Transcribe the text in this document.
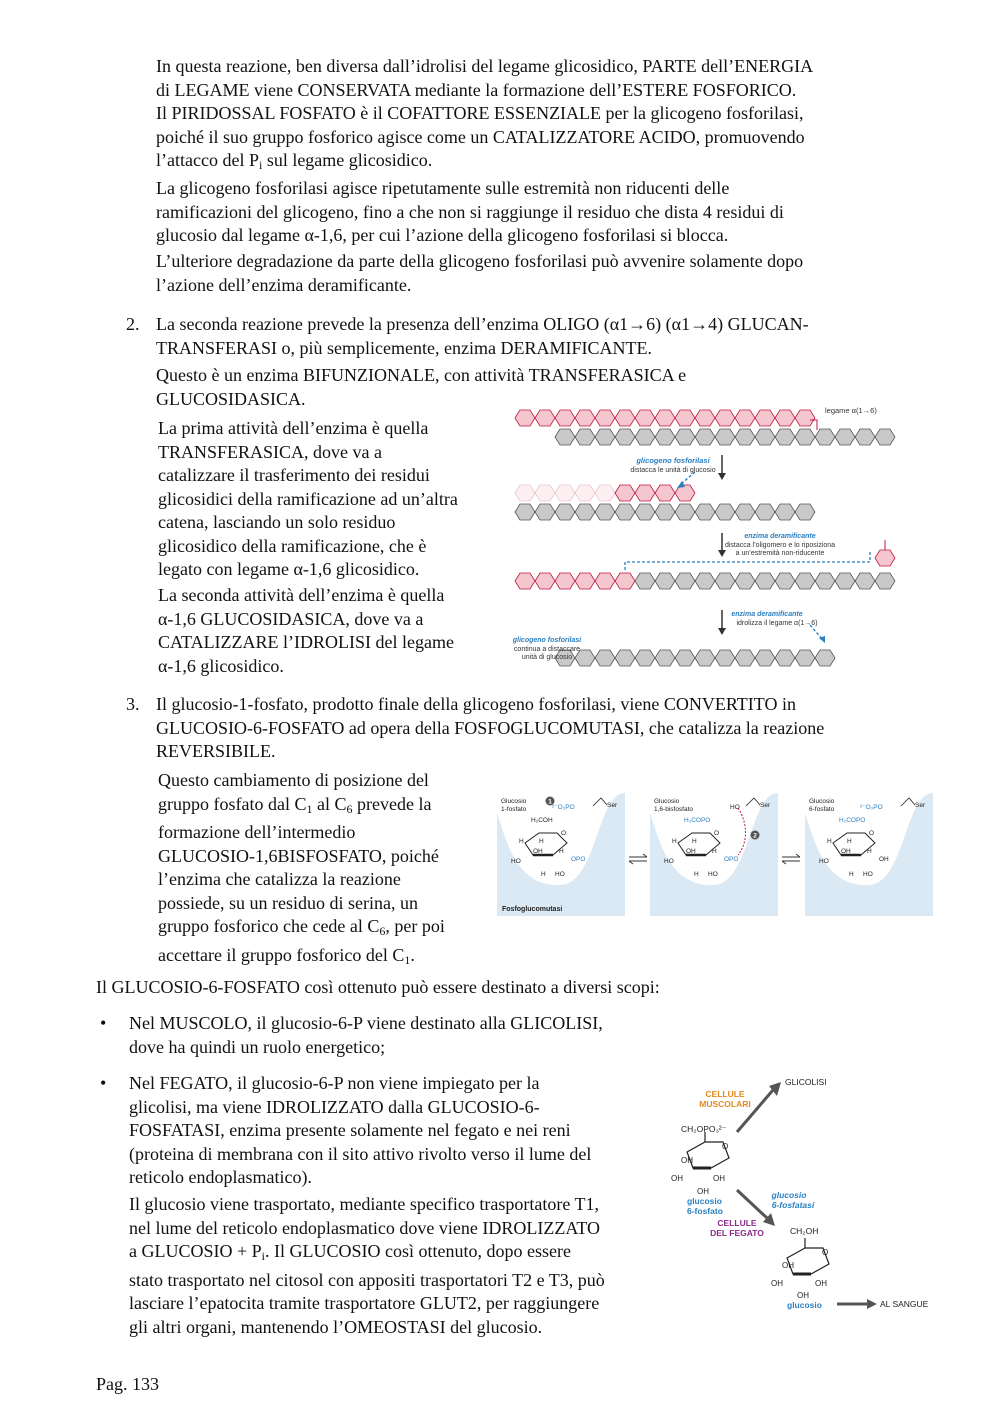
In questa reazione, ben diversa dall’idrolisi del legame glicosidico, PARTE dell’ENERGIA

di LEGAME viene CONSERVATA mediante la formazione dell’ESTERE FOSFORICO.

Il PIRIDOSSAL FOSFATO è il COFATTORE ESSENZIALE per la glicogeno fosforilasi,

poiché il suo gruppo fosforico agisce come un CATALIZZATORE ACIDO, promuovendo

l’attacco del $P_i$ sul legame glicosidico.

La glicogeno fosforilasi agisce ripetutamente sulle estremità non riducenti delle

ramificazioni del glicogeno, fino a che non si raggiunge il residuo che dista 4 residui di

glucosio dal legame α-1,6, per cui l’azione della glicogeno fosforilasi si blocca.

L’ulteriore degradazione da parte della glicogeno fosforilasi può avvenire solamente dopo

l’azione dell’enzima deramificante.

2. La seconda reazione prevede la presenza dell’enzima OLIGO (α1→6) (α1→4) GLUCAN-

TRANSFERASI o, più semplicemente, enzima DERAMIFICANTE.

Questo è un enzima BIFUNZIONALE, con attività TRANSFERASICA e

GLUCOSIDASICA.

La prima attività dell’enzima è quella

TRANSFERASICA, dove va a

catalizzare il trasferimento dei residui

glicosidici della ramificazione ad un’altra

catena, lasciando un solo residuo

glicosidico della ramificazione, che è

legato con legame α-1,6 glicosidico.

La seconda attività dell’enzima è quella

α-1,6 GLUCOSIDASICA, dove va a

CATALIZZARE l’IDROLISI del legame

α-1,6 glicosidico.

legame α(1→6)
glicogeno fosforilasi
distacca le unità di glucosio
enzima deramificante
distacca l’oligomero e lo riposiziona
a un’estremità non-riducente
enzima deramificante
idrolizza il legame α(1→6)
glicogeno fosforilasi
continua a distaccare
unità di glucosio
3. Il glucosio-1-fosfato, prodotto finale della glicogeno fosforilasi, viene CONVERTITO in

GLUCOSIO-6-FOSFATO ad opera della FOSFOGLUCOMUTASI, che catalizza la reazione

REVERSIBILE.

Questo cambiamento di posizione del

gruppo fosfato dal $C_1$ al $C_6$ prevede la

formazione dell’intermedio

GLUCOSIO-1,6BISFOSFATO, poiché

l’enzima che catalizza la reazione

possiede, su un residuo di serina, un

gruppo fosforico che cede al $C_6$, per poi

accettare il gruppo fosforico del $C_1$.

Glucosio
1-fosfato
Ser
²⁻O₃PO
H₂COH
O
H H
HO
OH	H
OPO
H HO
1	Glucosio
1,6-bisfosfato
Ser
HO
H₂COPO
O
H H
HO
OH	H
OPO
H HO
2
Glucosio
6-fosfato
Ser
²⁻O₃PO
H₂COPO
O
H H
HO
OH	H
OH
H HO
Fosfoglucomutasi
Il GLUCOSIO-6-FOSFATO così ottenuto può essere destinato a diversi scopi:
• Nel MUSCOLO, il glucosio-6-P viene destinato alla GLICOLISI,

dove ha quindi un ruolo energetico;

• Nel FEGATO, il glucosio-6-P non viene impiegato per la

glicolisi, ma viene IDROLIZZATO dalla GLUCOSIO-6-

FOSFATASI, enzima presente solamente nel fegato e nei reni

(proteina di membrana con il sito attivo rivolto verso il lume del

reticolo endoplasmatico).

Il glucosio viene trasportato, mediante specifico trasportatore T1,

nel lume del reticolo endoplasmatico dove viene IDROLIZZATO

a GLUCOSIO + $P_i$. Il GLUCOSIO così ottenuto, dopo essere

stato trasportato nel citosol con appositi trasportatori T2 e T3, può

lasciare l’epatocita tramite trasportatore GLUT2, per raggiungere

gli altri organi, mantenendo l’OMEOSTASI del glucosio.

CH₂OPO₃²⁻
O
OH
OH	OH
OH
glucosio
6-fosfato
CELLULE
MUSCOLARI
GLICOLISI
glucosio
6-fosfatasi
CELLULE
DEL FEGATO	CH₂OH
O
OH
OH	OH
OH
glucosio	AL SANGUE
Pag. 133
